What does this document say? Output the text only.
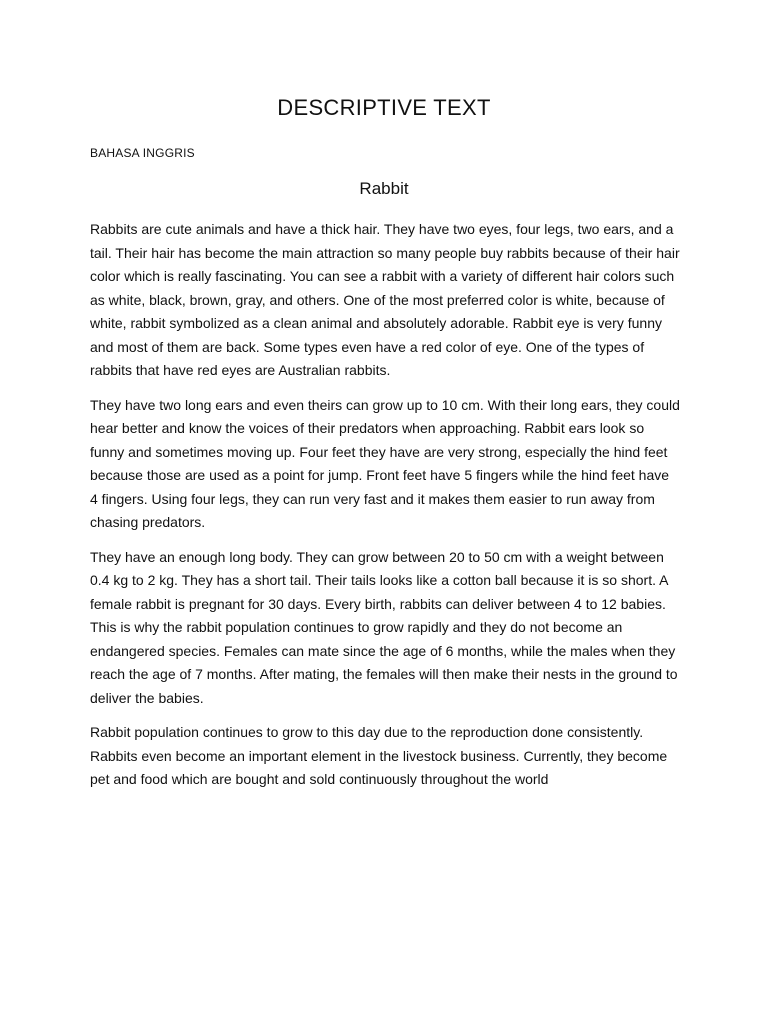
DESCRIPTIVE TEXT
BAHASA INGGRIS
Rabbit

Rabbits are cute animals and have a thick hair. They have two eyes, four legs, two ears, and a tail. Their hair has become the main attraction so many people buy rabbits because of their hair color which is really fascinating. You can see a rabbit with a variety of different hair colors such as white, black, brown, gray, and others. One of the most preferred color is white, because of white, rabbit symbolized as a clean animal and absolutely adorable. Rabbit eye is very funny and most of them are back. Some types even have a red color of eye. One of the types of rabbits that have red eyes are Australian rabbits.

They have two long ears and even theirs can grow up to 10 cm. With their long ears, they could hear better and know the voices of their predators when approaching. Rabbit ears look so funny and sometimes moving up. Four feet they have are very strong, especially the hind feet because those are used as a point for jump. Front feet have 5 fingers while the hind feet have 4 fingers. Using four legs, they can run very fast and it makes them easier to run away from chasing predators.

They have an enough long body. They can grow between 20 to 50 cm with a weight between 0.4 kg to 2 kg. They has a short tail. Their tails looks like a cotton ball because it is so short. A female rabbit is pregnant for 30 days. Every birth, rabbits can deliver between 4 to 12 babies. This is why the rabbit population continues to grow rapidly and they do not become an endangered species. Females can mate since the age of 6 months, while the males when they reach the age of 7 months. After mating, the females will then make their nests in the ground to deliver the babies.

Rabbit population continues to grow to this day due to the reproduction done consistently. Rabbits even become an important element in the livestock business. Currently, they become pet and food which are bought and sold continuously throughout the world
